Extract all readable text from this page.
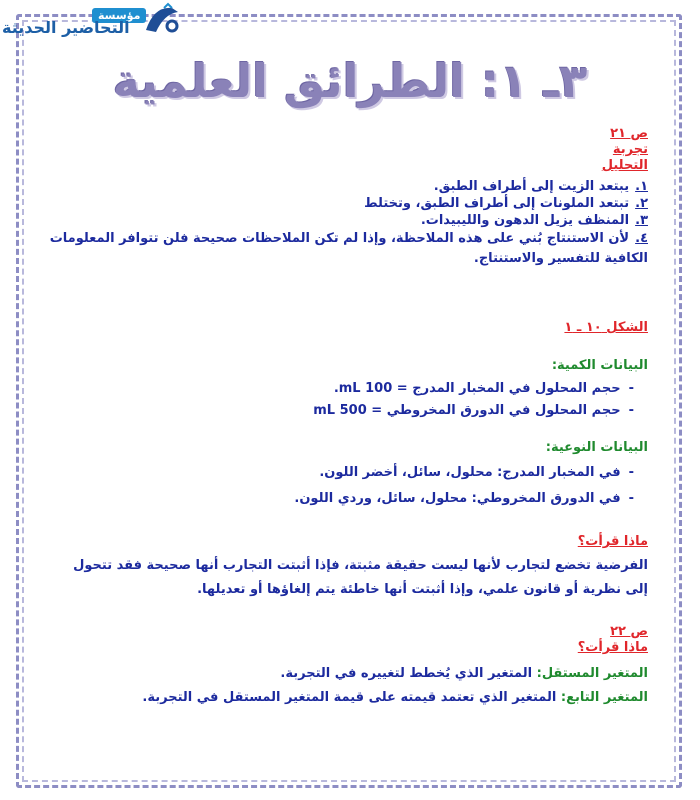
مؤسسة
التحاضير الحديثة
٣ـ ١: الطرائق العلمية
ص ٢١
تجربة
التحليل
١.يبتعد الزيت إلى أطراف الطبق.
٢.تبتعد الملونات إلى أطراف الطبق، وتختلط
٣.المنظف يزيل الدهون والليبيدات.
٤.لأن الاستنتاج بُني على هذه الملاحظة، وإذا لم تكن الملاحظات صحيحة فلن تتوافر المعلومات الكافية للتفسير والاستنتاج.
الشكل ١٠ ـ ١
البيانات الكمية:
-حجم المحلول في المخبار المدرج = 100 mL.
-حجم المحلول في الدورق المخروطي = 500 mL
البيانات النوعية:
-في المخبار المدرج: محلول، سائل، أخضر اللون.
-في الدورق المخروطي: محلول، سائل، وردي اللون.
ماذا قرأت؟
الفرضية تخضع لتجارب لأنها ليست حقيقة مثبتة، فإذا أثبتت التجارب أنها صحيحة فقد تتحول إلى نظرية أو قانون علمي، وإذا أثبتت أنها خاطئة يتم إلغاؤها أو تعديلها.
ص ٢٢
ماذا قرأت؟
المتغير المستقل: المتغير الذي يُخطط لتغييره في التجربة.
المتغير التابع: المتغير الذي تعتمد قيمته على قيمة المتغير المستقل في التجربة.
